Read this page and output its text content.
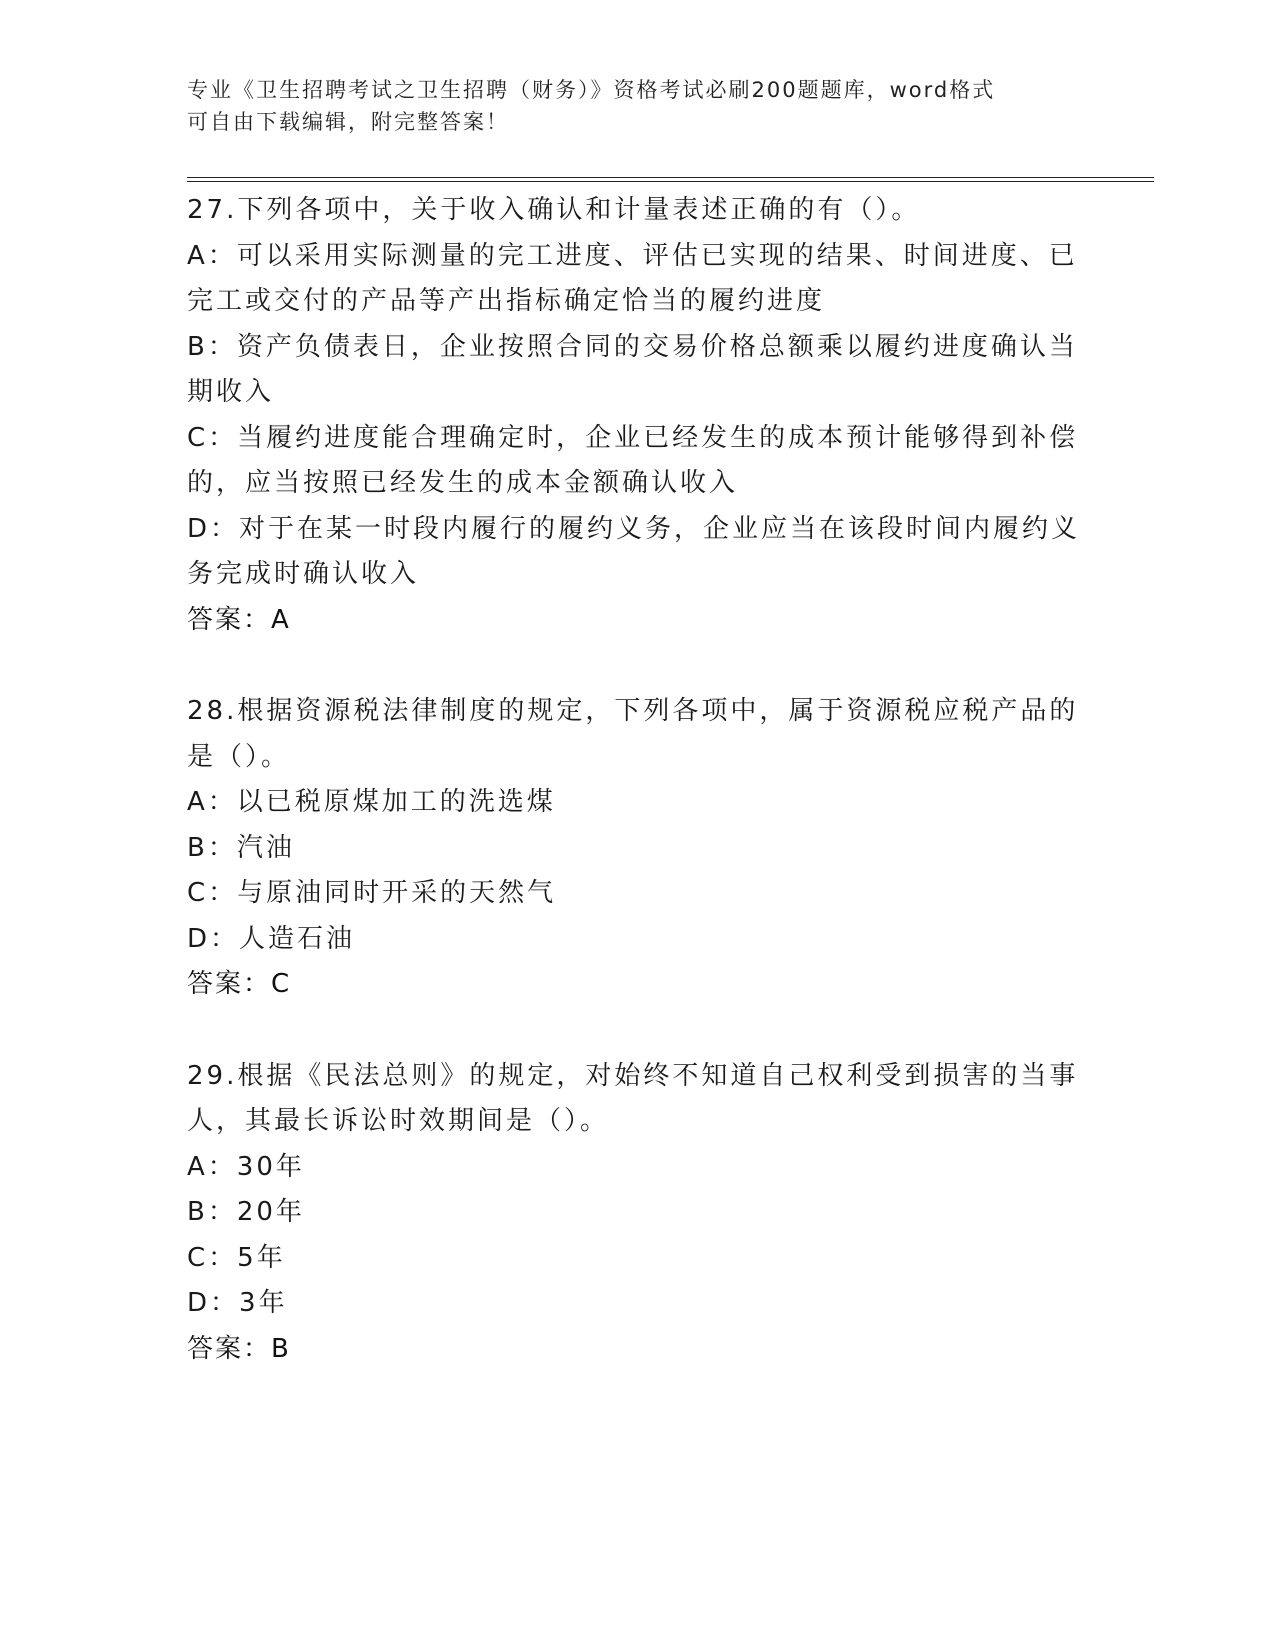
专业《卫生招聘考试之卫生招聘（财务）》资格考试必刷200题题库，word格式
可自由下载编辑，附完整答案！
27.下列各项中，关于收入确认和计量表述正确的有（）。
A：可以采用实际测量的完工进度、评估已实现的结果、时间进度、已
完工或交付的产品等产出指标确定恰当的履约进度
B：资产负债表日，企业按照合同的交易价格总额乘以履约进度确认当
期收入
C：当履约进度能合理确定时，企业已经发生的成本预计能够得到补偿
的，应当按照已经发生的成本金额确认收入
D：对于在某一时段内履行的履约义务，企业应当在该段时间内履约义
务完成时确认收入
答案：A
28.根据资源税法律制度的规定，下列各项中，属于资源税应税产品的
是（）。
A：以已税原煤加工的洗选煤
B：汽油
C：与原油同时开采的天然气
D：人造石油
答案：C
29.根据《民法总则》的规定，对始终不知道自己权利受到损害的当事
人，其最长诉讼时效期间是（）。
A：30年
B：20年
C：5年
D：3年
答案：B
